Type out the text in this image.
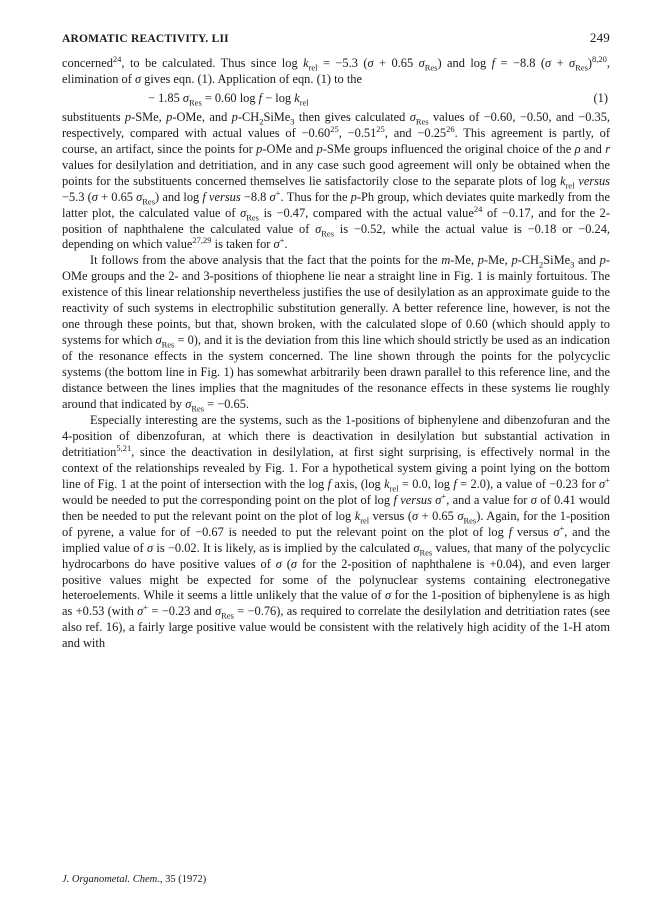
AROMATIC REACTIVITY. LII	249

concerned$^{24}$, to be calculated. Thus since $\log k_{rel} = -5.3$ (σ + 0.65 $\sigma_{Res}$) and log f = −8.8 $(\sigma + \sigma_{Res})^{8,20}$, elimination of σ gives eqn. (1). Application of eqn. (1) to the

− 1.85 $\sigma_{Res} = 0.60$ $\log f - \log k_{rel}$	(1)

substituents p-SMe, p-OMe, and $p-CH_2SiMe_3$ then gives calculated $\sigma_{Res}$ values of −0.60, −0.50, and −0.35, respectively, compared with actual values of $-0.60^{25}$, $-0.51^{25}$, and $-0.25^{26}$. This agreement is partly, of course, an artifact, since the points for p-OMe and p-SMe groups influenced the original choice of the ρ and r values for desilylation and detritiation, and in any case such good agreement will only be obtained when the points for the substituents concerned themselves lie satisfactorily close to the separate plots of $\log k_{rel}$ versus −5.3 (σ + 0.65 $\sigma_{Res}$) and log f versus −8.8 σ+. Thus for the p-Ph group, which deviates quite markedly from the latter plot, the calculated value of $\sigma_{Res}$ is −0.47, compared with the actual value$^{24}$ of −0.17, and for the 2-position of naphthalene the calculated value of $\sigma_{Res}$ is −0.52, while the actual value is −0.18 or −0.24, depending on which value$^{27,29}$ is taken for σ+.

It follows from the above analysis that the fact that the points for the m-Me, p-Me, $p-CH_2SiMe_3$ and p-OMe groups and the 2- and 3-positions of thiophene lie near a straight line in Fig. 1 is mainly fortuitous. The existence of this linear relationship nevertheless justifies the use of desilylation as an approximate guide to the reactivity of such systems in electrophilic substitution generally. A better reference line, however, is not the one through these points, but that, shown broken, with the calculated slope of 0.60 (which should apply to systems for which $\sigma_{Res} = 0$), and it is the deviation from this line which should strictly be used as an indication of the resonance effects in the system concerned. The line shown through the points for the polycyclic systems (the bottom line in Fig. 1) has somewhat arbitrarily been drawn parallel to this reference line, and the distance between the lines implies that the magnitudes of the resonance effects in these systems lie roughly around that indicated by $\sigma_{Res} = -0.65$.

Especially interesting are the systems, such as the 1-positions of biphenylene and dibenzofuran and the 4-position of dibenzofuran, at which there is deactivation in desilylation but substantial activation in detritiation$^{5,21}$, since the deactivation in desilylation, at first sight surprising, is effectively normal in the context of the relationships revealed by Fig. 1. For a hypothetical system giving a point lying on the bottom line of Fig. 1 at the point of intersection with the log f axis, (log $k_{rel} = 0.0$, log f = 2.0), a value of −0.23 for σ+ would be needed to put the corresponding point on the plot of log f versus σ+, and a value for σ of 0.41 would then be needed to put the relevant point on the plot of $\log k_{rel}$ versus (σ + 0.65 $\sigma_{Res}$). Again, for the 1-position of pyrene, a value for of −0.67 is needed to put the relevant point on the plot of log f versus σ+, and the implied value of σ is −0.02. It is likely, as is implied by the calculated $\sigma_{Res}$ values, that many of the polycyclic hydrocarbons do have positive values of σ (σ for the 2-position of naphthalene is +0.04), and even larger positive values might be expected for some of the polynuclear systems containing electronegative heteroelements. While it seems a little unlikely that the value of σ for the 1-position of biphenylene is as high as +0.53 (with σ+ = −0.23 and $\sigma_{Res} = -0.76$), as required to correlate the desilylation and detritiation rates (see also ref. 16), a fairly large positive value would be consistent with the relatively high acidity of the 1-H atom and with

J. Organometal. Chem., 35 (1972)
